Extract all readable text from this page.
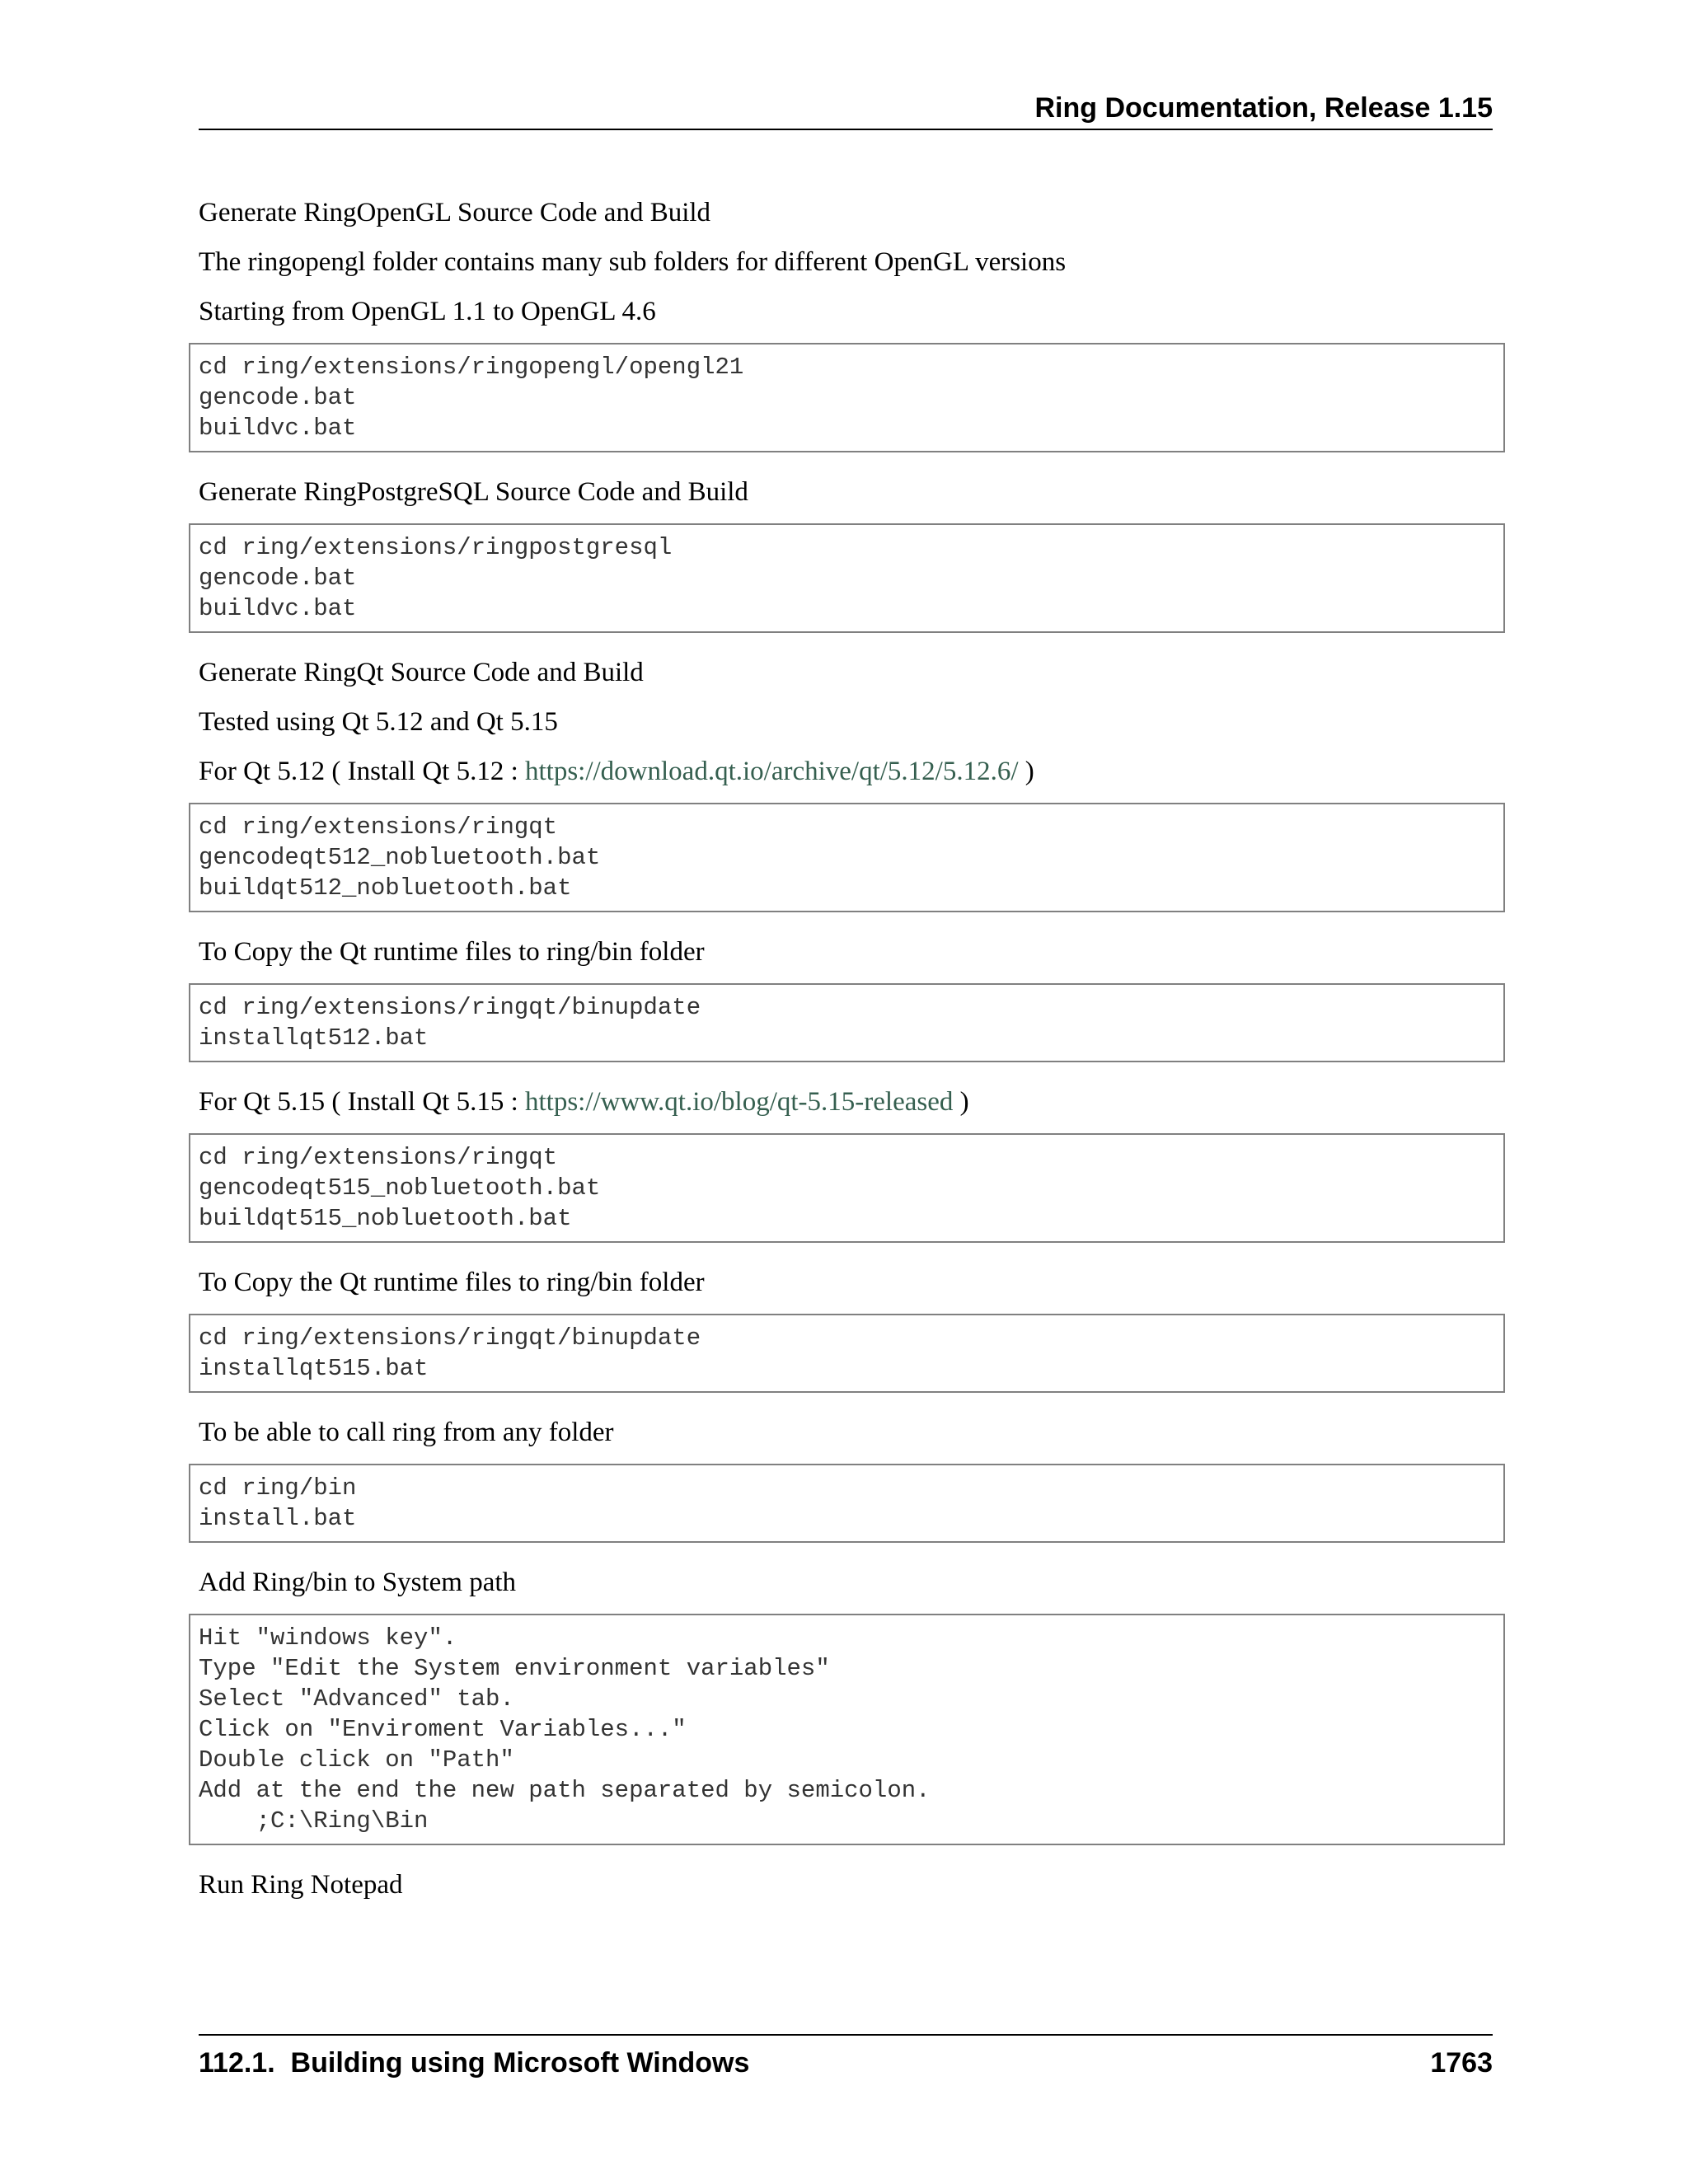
Ring Documentation, Release 1.15

Generate RingOpenGL Source Code and Build

The ringopengl folder contains many sub folders for different OpenGL versions

Starting from OpenGL 1.1 to OpenGL 4.6

cd ring/extensions/ringopengl/opengl21
gencode.bat
buildvc.bat

Generate RingPostgreSQL Source Code and Build

cd ring/extensions/ringpostgresql
gencode.bat
buildvc.bat

Generate RingQt Source Code and Build

Tested using Qt 5.12 and Qt 5.15

For Qt 5.12 ( Install Qt 5.12 : https://download.qt.io/archive/qt/5.12/5.12.6/ )

cd ring/extensions/ringqt
gencodeqt512_nobluetooth.bat
buildqt512_nobluetooth.bat

To Copy the Qt runtime files to ring/bin folder

cd ring/extensions/ringqt/binupdate
installqt512.bat

For Qt 5.15 ( Install Qt 5.15 : https://www.qt.io/blog/qt-5.15-released )

cd ring/extensions/ringqt
gencodeqt515_nobluetooth.bat
buildqt515_nobluetooth.bat

To Copy the Qt runtime files to ring/bin folder

cd ring/extensions/ringqt/binupdate
installqt515.bat

To be able to call ring from any folder

cd ring/bin
install.bat

Add Ring/bin to System path

Hit "windows key".
Type "Edit the System environment variables"
Select "Advanced" tab.
Click on "Enviroment Variables..."
Double click on "Path"
Add at the end the new path separated by semicolon.
;C:\Ring\Bin

Run Ring Notepad

112.1.  Building using Microsoft Windows	1763
